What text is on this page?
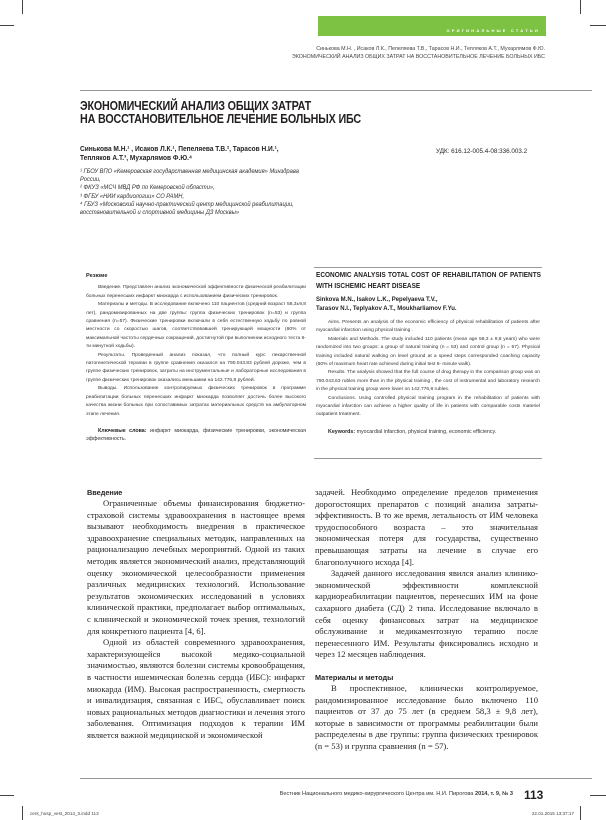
ОРИГИНАЛЬНЫЕ СТАТЬИ
Синькова М.Н. , Исаков Л.К., Пепеляева Т.В., Тарасов Н.И., Тепляков А.Т., Мухарлямов Ф.Ю.
ЭКОНОМИЧЕСКИЙ АНАЛИЗ ОБЩИХ ЗАТРАТ НА ВОССТАНОВИТЕЛЬНОЕ ЛЕЧЕНИЕ БОЛЬНЫХ ИБС
ЭКОНОМИЧЕСКИЙ АНАЛИЗ ОБЩИХ ЗАТРАТ
НА ВОССТАНОВИТЕЛЬНОЕ ЛЕЧЕНИЕ БОЛЬНЫХ ИБС
Синькова М.Н.¹ , Исаков Л.К.¹, Пепеляева Т.В.², Тарасов Н.И.¹,
Тепляков А.Т.³, Мухарлямов Ф.Ю.⁴
УДК: 616.12-005.4-08:336.003.2
¹ ГБОУ ВПО «Кемеровская государственная медицинская академия» Минздрава России,
² ФКУЗ «МСЧ МВД РФ по Кемеровской области»,
³ ФГБУ «НИИ кардиологии» СО РАМН,
⁴ ГБУЗ «Московский научно-практический центр медицинской реабилитации, восстановительной и спортивной медицины ДЗ Москвы»
Резюме

Введение. Представлен анализ экономической эффективности физической реабилитации больных перенесших инфаркт миокарда с использованием физических тренировок.

Материалы и методы. В исследование включено 110 пациентов (средний возраст 58,3±9,8 лет), рандомизированных на две группы: группа физических тренировок (n=53) и группа сравнения (n=57). Физические тренировки включали в себя естественную ходьбу по ровной местности со скоростью шагов, соответствовавшей тренирующей мощности (60% от максимальной частоты сердечных сокращений, достигнутой при выполнении исходного теста 6-ти минутной ходьбы).

Результаты. Проведенный анализ показал, что полный курс лекарственной патогенетической терапии в группе сравнения оказался на 790.043.83 рублей дороже, чем в группе физических тренировок, затраты на инструментальные и лабораторные исследования в группе физических тренировок оказались меньшими на 142.776,8 рублей.

Выводы. Использование контролируемых физических тренировок в программе реабилитации больных перенесших инфаркт миокарда позволяет достичь более высокого качества жизни больных при сопоставимых затратах материальных средств на амбулаторном этапе лечения.

Ключевые слова: инфаркт миокарда, физические тренировки, экономическая эффективность.

ECONOMIC ANALYSIS TOTAL COST OF REHABILITATION OF PATIENTS WITH ISCHEMIC HEART DISEASE
Sinkova M.N., Isakov L.K., Pepelyaeva T.V.,
Tarasov N.I., Teplyakov A.T., Moukharliamov F.Yu.

Aims. Presents an analysis of the economic efficiency of physical rehabilitation of patients after myocardial infarction using physical training .

Materials and Methods. The study included 110 patients (mean age 58,3 ± 9,8 years) who were randomized into two groups: a group of natural training (n = 53) and control group (n = 57). Physical training included natural walking on level ground at a speed steps corresponded coaching capacity (60% of maximum heart rate achieved during initial test 6- minute walk).

Results. The analysis showed that the full course of drug therapy in the comparison group was on 790.043,63 rubles more than in the physical training , the cost of instrumental and laboratory research in the physical training group were lower on 142.776,8 rubles.

Conclusions. Using controlled physical training program in the rehabilitation of patients with myocardial infarction can achieve a higher quality of life in patients with comparable costs materiel outpatient treatment.

Keywords: myocardial infarction, physical training, economic efficiency.

Введение

Ограниченные объемы финансирования бюджетно-страховой системы здравоохранения в настоящее время вызывают необходимость внедрения в практическое здравоохранение специальных методик, направленных на рационализацию лечебных мероприятий. Одной из таких методик является экономический анализ, представляющий оценку экономической целесообразности применения различных медицинских технологий. Использование результатов экономических исследований в условиях клинической практики, предполагает выбор оптимальных, с клинической и экономической точек зрения, технологий для конкретного пациента [4, 6].

Одной из областей современного здравоохранения, характеризующейся высокой медико-социальной значимостью, являются болезни системы кровообращения, в частности ишемическая болезнь сердца (ИБС): инфаркт миокарда (ИМ). Высокая распространенность, смертность и инвалидизация, связанная с ИБС, обуславливает поиск новых рациональных методов диагностики и лечения этого заболевания. Оптимизация подходов к терапии ИМ является важной медицинской и экономической

задачей. Необходимо определение пределов применения дорогостоящих препаратов с позиций анализа затраты-эффективность. В то же время, летальность от ИМ человека трудоспособного возраста – это значительная экономическая потеря для государства, существенно превышающая затраты на лечение в случае его благополучного исхода [4].

Задачей данного исследования явился анализ клинико-экономической эффективности комплексной кардиореабилитации пациентов, перенесших ИМ на фоне сахарного диабета (СД) 2 типа. Исследование включало в себя оценку финансовых затрат на медицинское обслуживание и медикаментозную терапию после перенесенного ИМ. Результаты фиксировались исходно и через 12 месяцев наблюдения.

Материалы и методы

В проспективное, клинически контролируемое, рандомизированное исследование было включено 110 пациентов от 37 до 75 лет (в среднем 58,3 ± 9,8 лет), которые в зависимости от программы реабилитации были распределены в две группы: группа физических тренировок (n = 53) и группа сравнения (n = 57).

Вестник Национального медико-хирургического Центра им. Н.И. Пирогова 2014, т. 9, № 3 113
cent_hosp_vest_2014_3.indd 113	22.01.2015 13:37:17
